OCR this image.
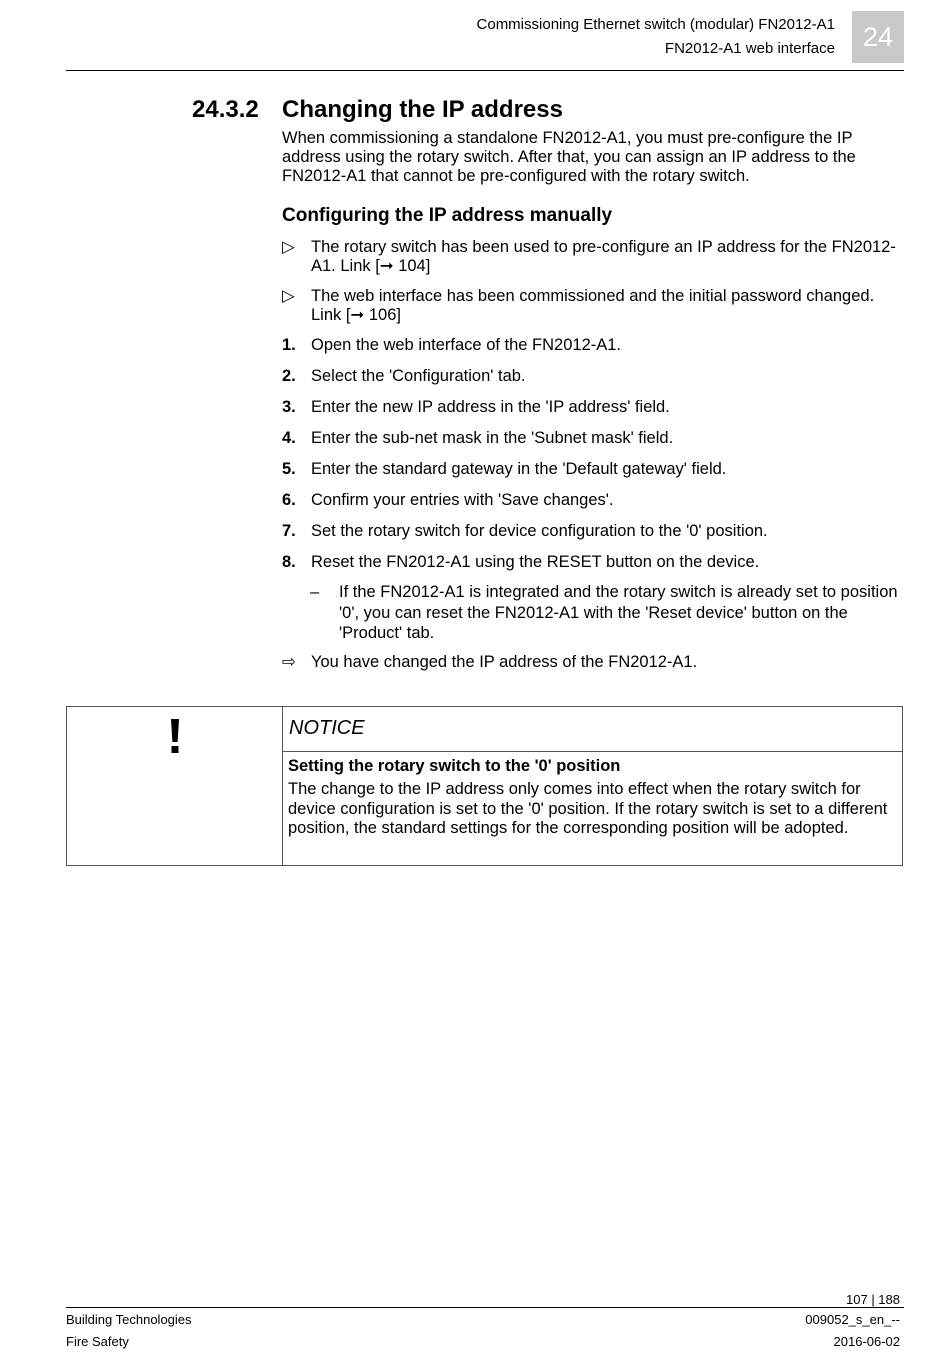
Commissioning Ethernet switch (modular) FN2012-A1
FN2012-A1 web interface	24
24.3.2 Changing the IP address
When commissioning a standalone FN2012-A1, you must pre-configure the IP address using the rotary switch. After that, you can assign an IP address to the FN2012-A1 that cannot be pre-configured with the rotary switch.
Configuring the IP address manually
▷ The rotary switch has been used to pre-configure an IP address for the FN2012-A1. Link [➞ 104]
▷ The web interface has been commissioned and the initial password changed. Link [➞ 106]
1. Open the web interface of the FN2012-A1.
2. Select the 'Configuration' tab.
3. Enter the new IP address in the 'IP address' field.
4. Enter the sub-net mask in the 'Subnet mask' field.
5. Enter the standard gateway in the 'Default gateway' field.
6. Confirm your entries with 'Save changes'.
7. Set the rotary switch for device configuration to the '0' position.
8. Reset the FN2012-A1 using the RESET button on the device.
– If the FN2012-A1 is integrated and the rotary switch is already set to position '0', you can reset the FN2012-A1 with the 'Reset device' button on the 'Product' tab.
⇨ You have changed the IP address of the FN2012-A1.
NOTICE
Setting the rotary switch to the '0' position
The change to the IP address only comes into effect when the rotary switch for device configuration is set to the '0' position. If the rotary switch is set to a different position, the standard settings for the corresponding position will be adopted.
107 | 188
Building Technologies
Fire Safety
009052_s_en_--
2016-06-02
